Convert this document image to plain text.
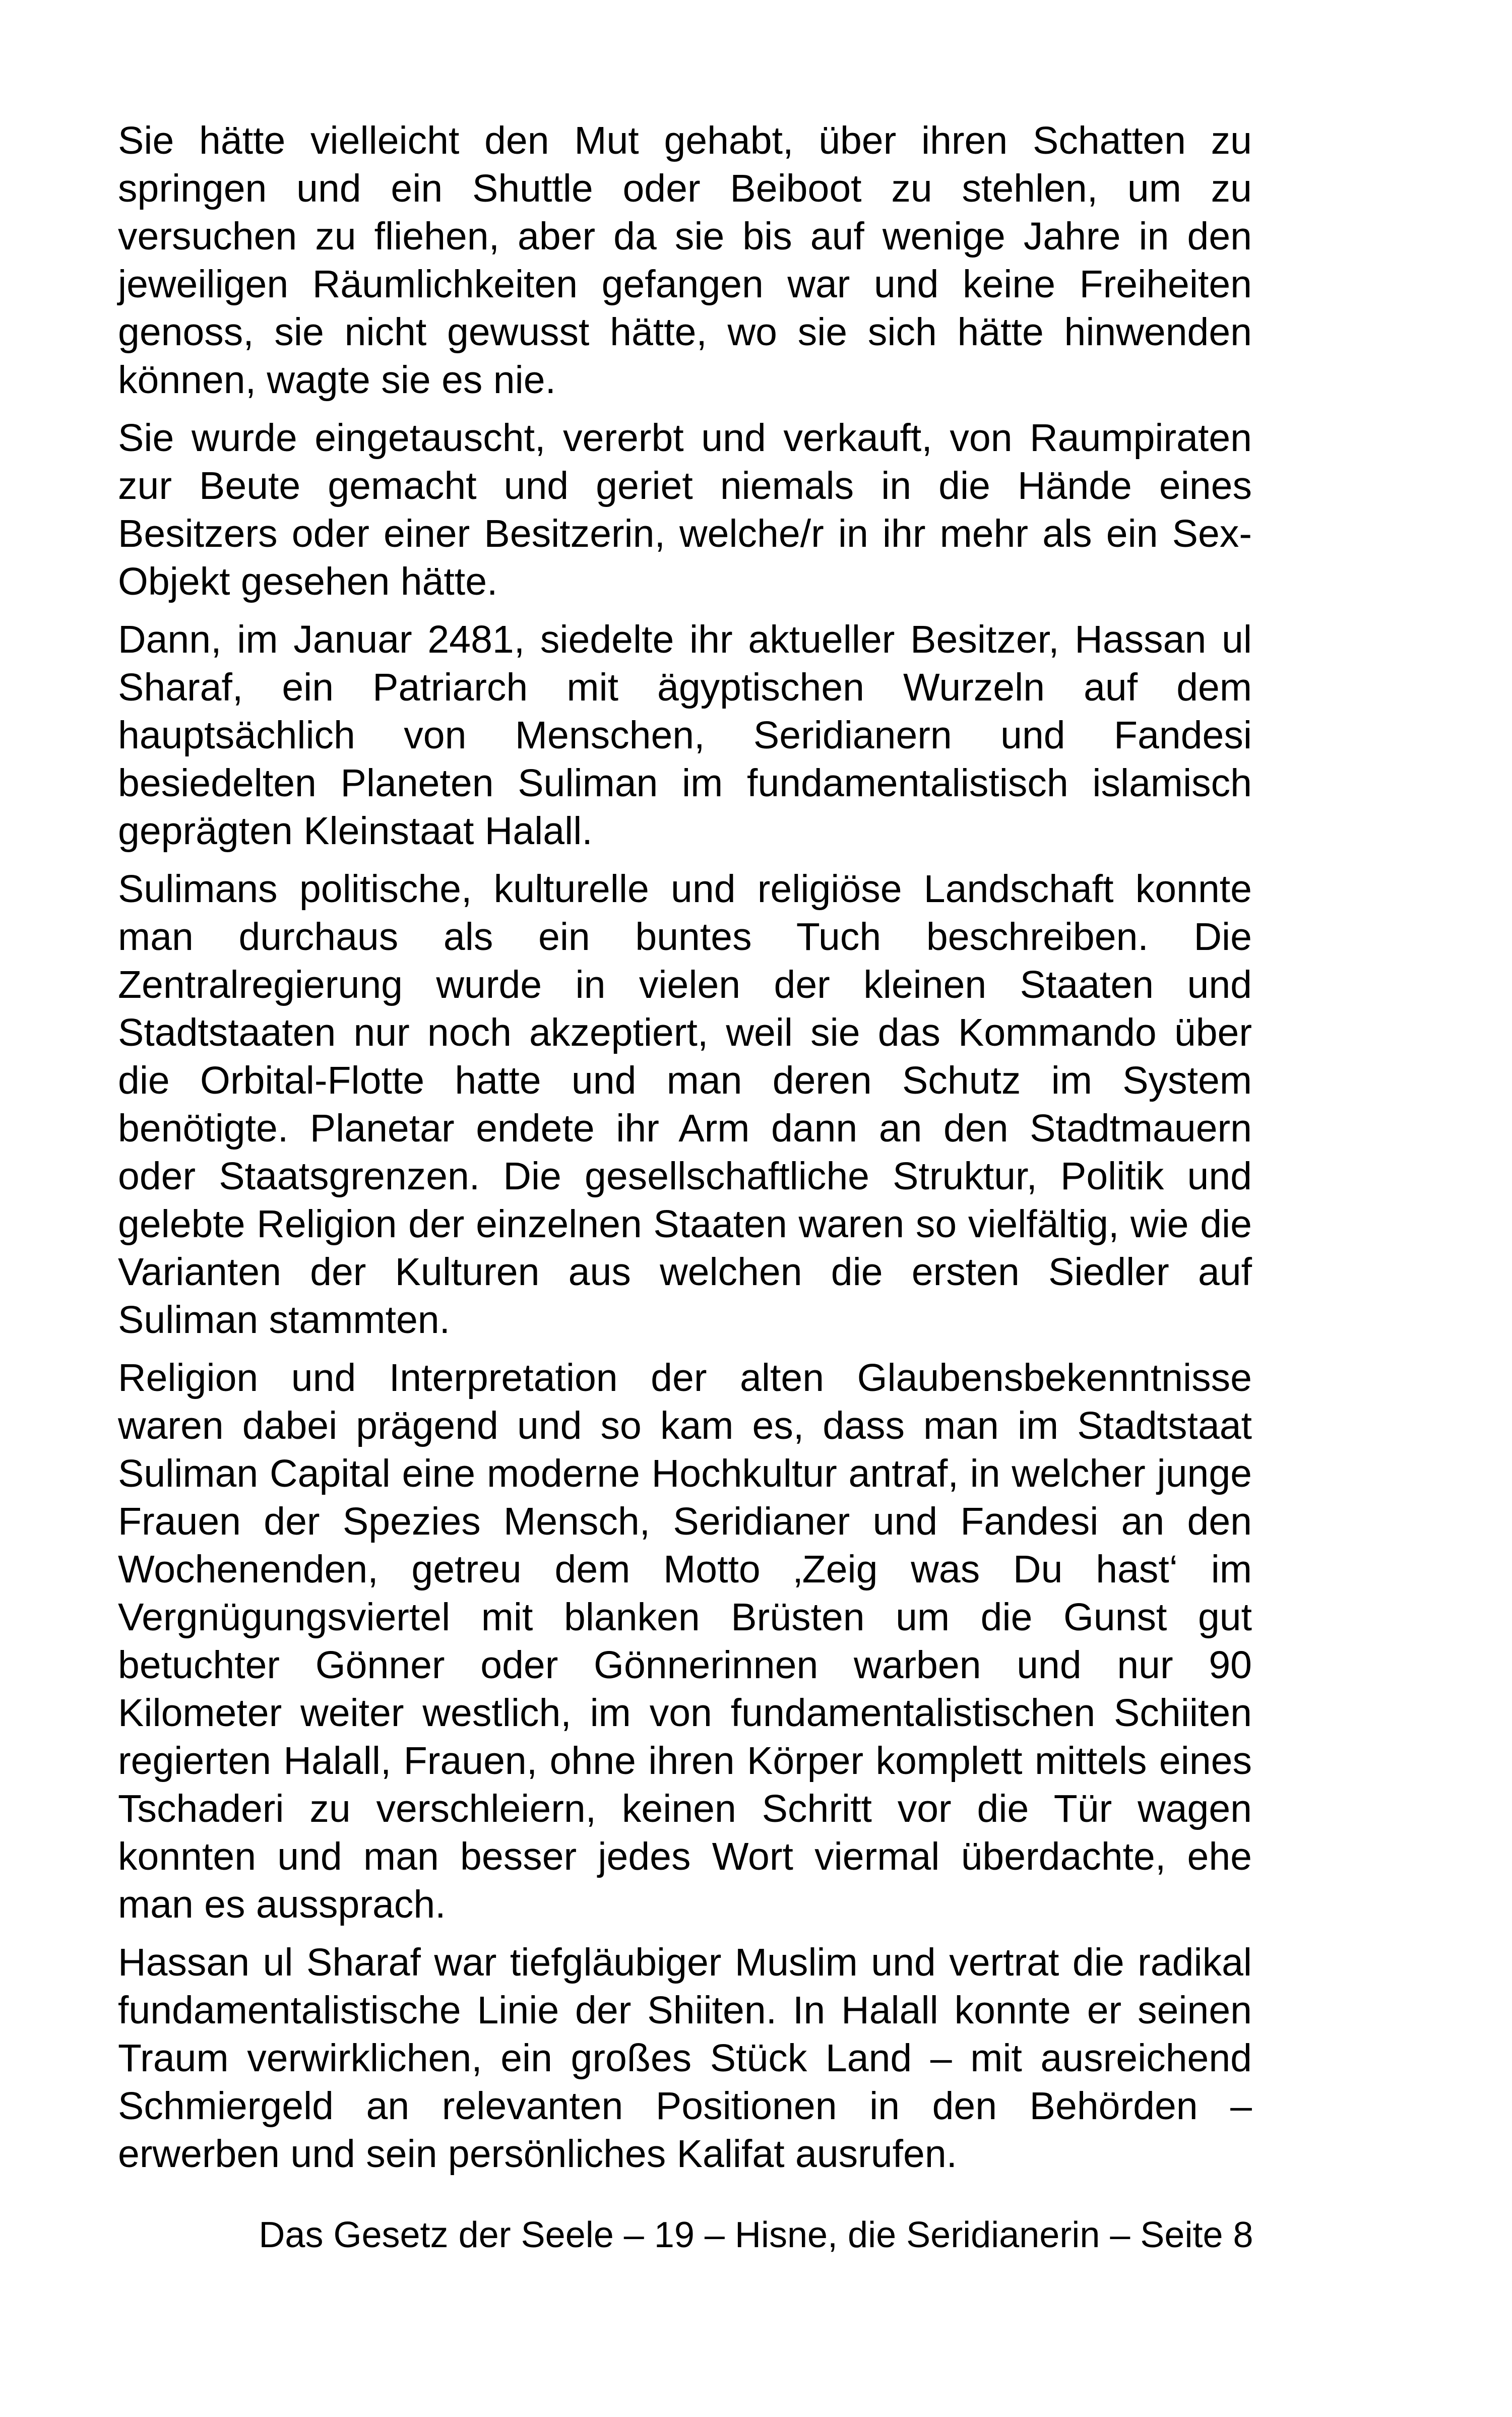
Sie hätte vielleicht den Mut gehabt, über ihren Schatten zu springen und ein Shuttle oder Beiboot zu stehlen, um zu versuchen zu fliehen, aber da sie bis auf wenige Jahre in den jeweiligen Räumlichkeiten gefangen war und keine Freiheiten genoss, sie nicht gewusst hätte, wo sie sich hätte hinwenden können, wagte sie es nie.

Sie wurde eingetauscht, vererbt und verkauft, von Raumpiraten zur Beute gemacht und geriet niemals in die Hände eines Besitzers oder einer Besitzerin, welche/r in ihr mehr als ein Sex-Objekt gesehen hätte.

Dann, im Januar 2481, siedelte ihr aktueller Besitzer, Hassan ul Sharaf, ein Patriarch mit ägyptischen Wurzeln auf dem hauptsächlich von Menschen, Seridianern und Fandesi besiedelten Planeten Suliman im fundamentalistisch islamisch geprägten Kleinstaat Halall.

Sulimans politische, kulturelle und religiöse Landschaft konnte man durchaus als ein buntes Tuch beschreiben. Die Zentralregierung wurde in vielen der kleinen Staaten und Stadtstaaten nur noch akzeptiert, weil sie das Kommando über die Orbital-Flotte hatte und man deren Schutz im System benötigte. Planetar endete ihr Arm dann an den Stadtmauern oder Staatsgrenzen. Die gesellschaftliche Struktur, Politik und gelebte Religion der einzelnen Staaten waren so vielfältig, wie die Varianten der Kulturen aus welchen die ersten Siedler auf Suliman stammten.

Religion und Interpretation der alten Glaubensbekenntnisse waren dabei prägend und so kam es, dass man im Stadtstaat Suliman Capital eine moderne Hochkultur antraf, in welcher junge Frauen der Spezies Mensch, Seridianer und Fandesi an den Wochenenden, getreu dem Motto ‚Zeig was Du hast‘ im Vergnügungsviertel mit blanken Brüsten um die Gunst gut betuchter Gönner oder Gönnerinnen warben und nur 90 Kilometer weiter westlich, im von fundamentalistischen Schiiten regierten Halall, Frauen, ohne ihren Körper komplett mittels eines Tschaderi zu verschleiern, keinen Schritt vor die Tür wagen konnten und man besser jedes Wort viermal überdachte, ehe man es aussprach.

Hassan ul Sharaf war tiefgläubiger Muslim und vertrat die radikal fundamentalistische Linie der Shiiten. In Halall konnte er seinen Traum verwirklichen, ein großes Stück Land – mit ausreichend Schmiergeld an relevanten Positionen in den Behörden – erwerben und sein persönliches Kalifat ausrufen.

Das Gesetz der Seele – 19 – Hisne, die Seridianerin – Seite 8
